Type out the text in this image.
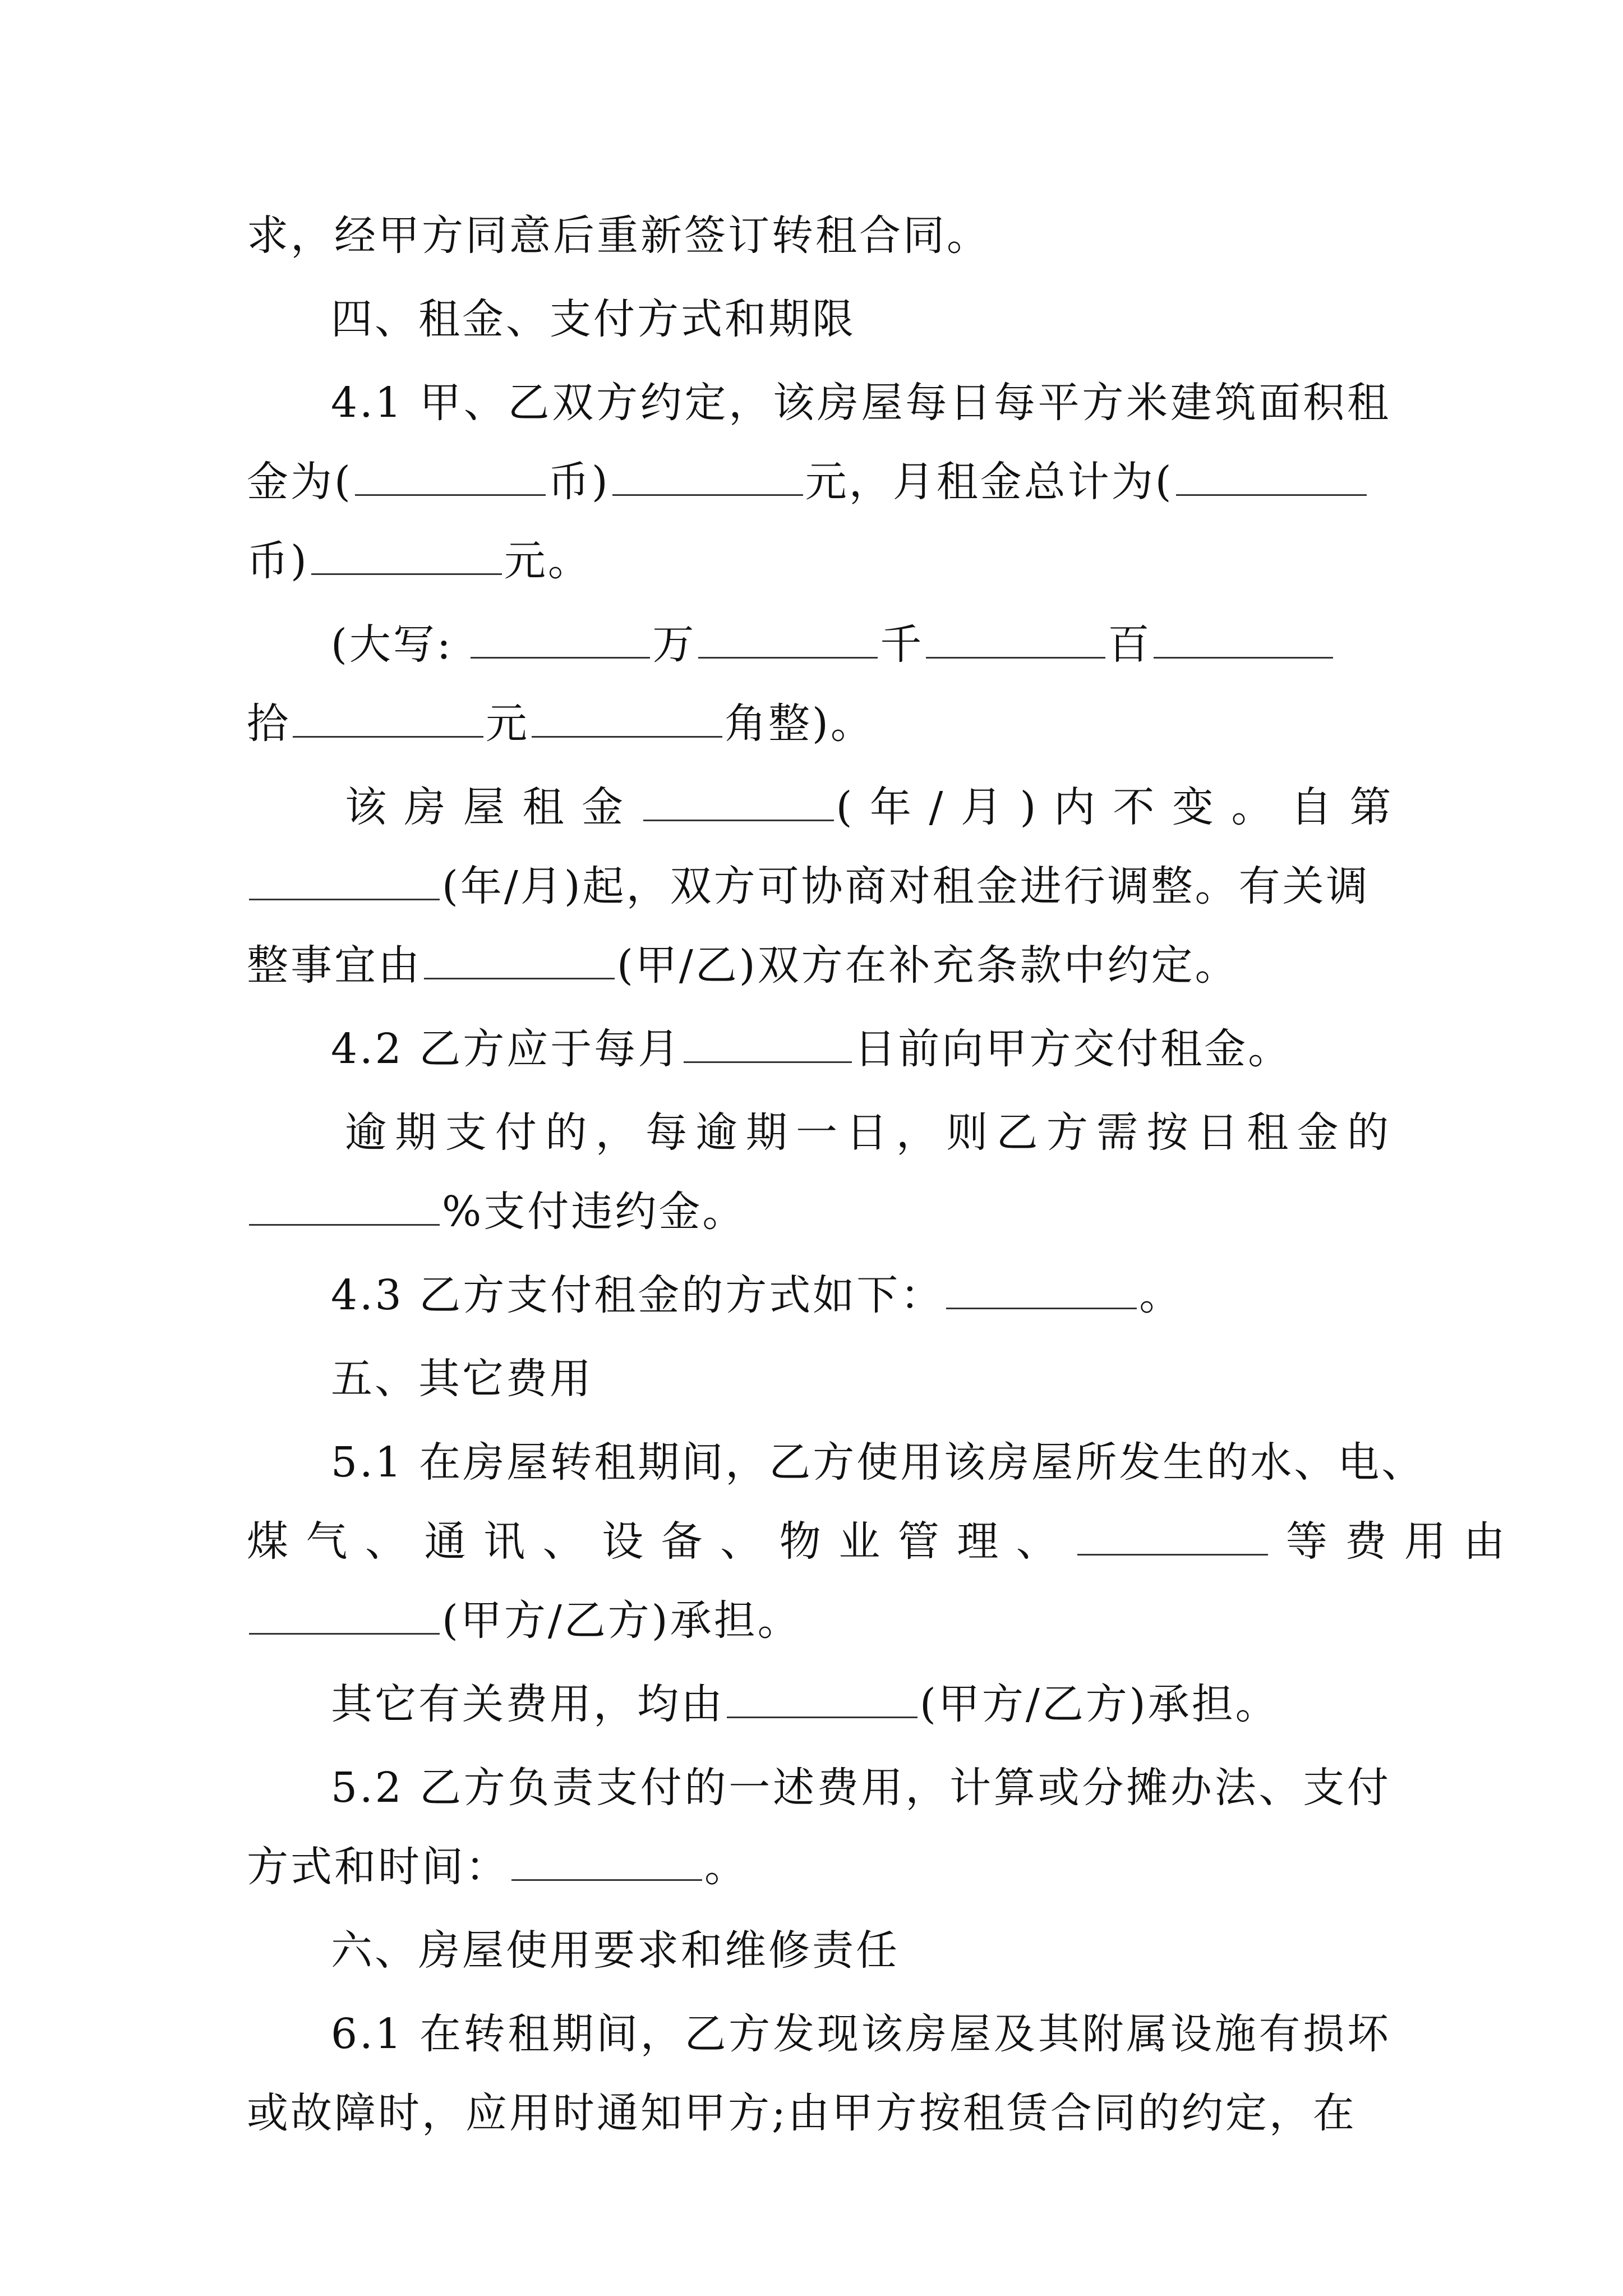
求，经甲方同意后重新签订转租合同。
四、租金、支付方式和期限
4.1 甲、乙双方约定，该房屋每日每平方米建筑面积租
金为(	币)	元，月租金总计为(
币)	元。
(大写:	万	千	百
拾	元	角整)。
该 房 屋 租 金	( 年 / 月 ) 内 不 变 。 自 第
(年/月)起，双方可协商对租金进行调整。有关调
整事宜由	(甲/乙)双方在补充条款中约定。
4.2 乙方应于每月	日前向甲方交付租金。
逾期支付的，每逾期一日，则乙方需按日租金的
%支付违约金。
4.3 乙方支付租金的方式如下：	。
五、其它费用
5.1 在房屋转租期间，乙方使用该房屋所发生的水、电、
煤 气 、 通 讯 、 设 备 、 物 业 管 理 、	等 费 用 由
(甲方/乙方)承担。
其它有关费用，均由	(甲方/乙方)承担。
5.2 乙方负责支付的一述费用，计算或分摊办法、支付
方式和时间：	。
六、房屋使用要求和维修责任
6.1 在转租期间，乙方发现该房屋及其附属设施有损坏
或故障时，应用时通知甲方;由甲方按租赁合同的约定，在
